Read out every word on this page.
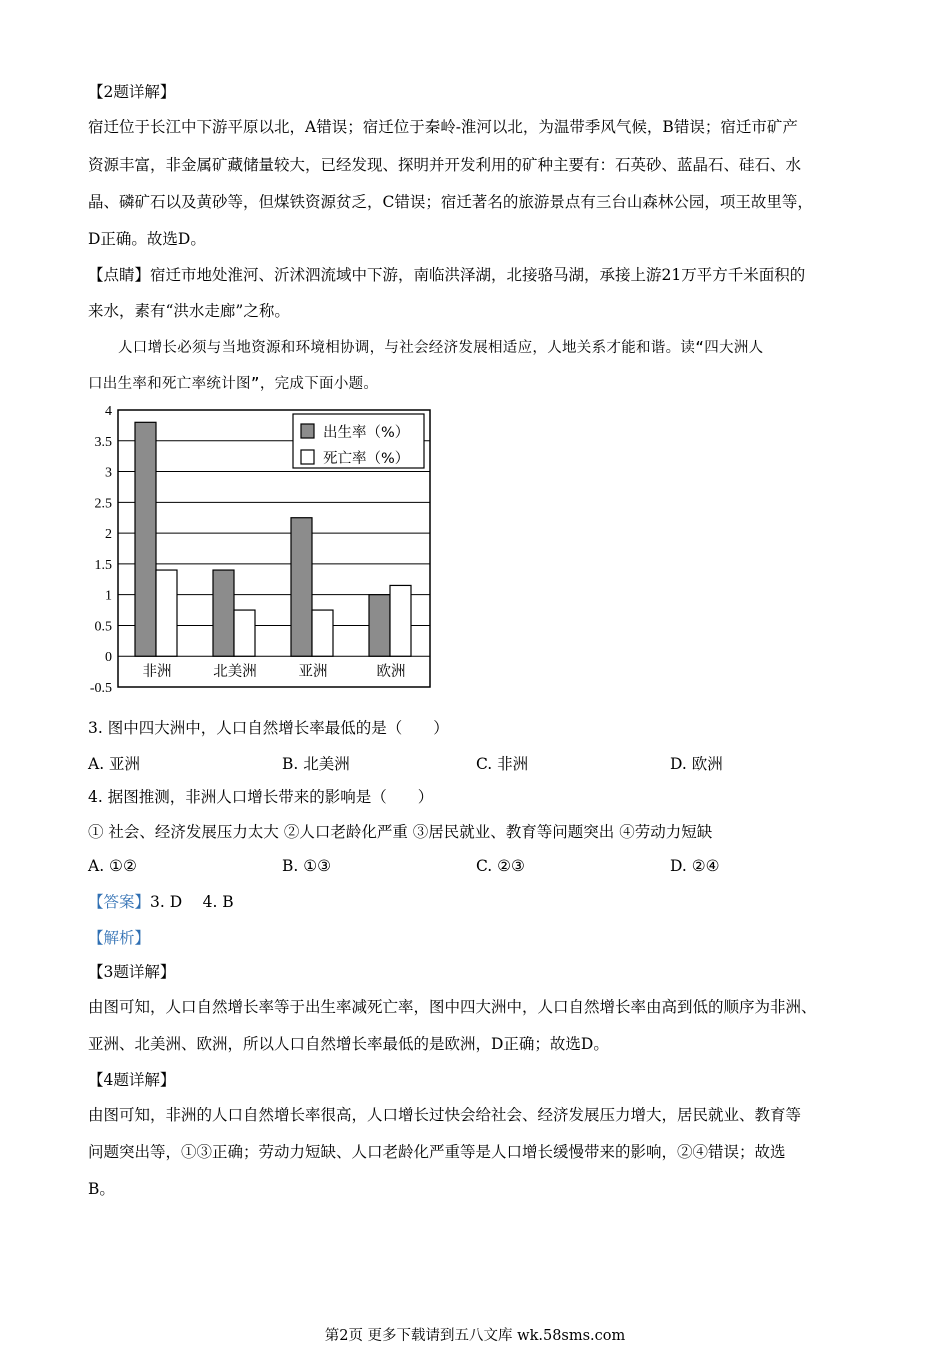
【2题详解】
宿迁位于长江中下游平原以北，A错误；宿迁位于秦岭-淮河以北，为温带季风气候，B错误；宿迁市矿产
资源丰富，非金属矿藏储量较大，已经发现、探明并开发利用的矿种主要有：石英砂、蓝晶石、硅石、水
晶、磷矿石以及黄砂等，但煤铁资源贫乏，C错误；宿迁著名的旅游景点有三台山森林公园，项王故里等，
D正确。故选D。
【点睛】宿迁市地处淮河、沂沭泗流域中下游，南临洪泽湖，北接骆马湖，承接上游21万平方千米面积的
来水，素有“洪水走廊”之称。
人口增长必须与当地资源和环境相协调，与社会经济发展相适应，人地关系才能和谐。读“四大洲人
口出生率和死亡率统计图”，完成下面小题。
4
3.5
3
2.5
2
1.5
1
0.5
0
-0.5
非洲	北美洲	亚洲	欧洲
出生率（%）
死亡率（%）
3. 图中四大洲中，人口自然增长率最低的是（　　）
A. 亚洲	B. 北美洲	C. 非洲	D. 欧洲
4. 据图推测，非洲人口增长带来的影响是（　　）
① 社会、经济发展压力太大 ②人口老龄化严重 ③居民就业、教育等问题突出 ④劳动力短缺
A. ①②	B. ①③	C. ②③	D. ②④
【答案】3. D　 4. B
【解析】
【3题详解】
由图可知，人口自然增长率等于出生率减死亡率，图中四大洲中，人口自然增长率由高到低的顺序为非洲、
亚洲、北美洲、欧洲，所以人口自然增长率最低的是欧洲，D正确；故选D。
【4题详解】
由图可知，非洲的人口自然增长率很高，人口增长过快会给社会、经济发展压力增大，居民就业、教育等
问题突出等，①③正确；劳动力短缺、人口老龄化严重等是人口增长缓慢带来的影响，②④错误；故选
B。
第2页 更多下载请到五八文库 wk.58sms.com
